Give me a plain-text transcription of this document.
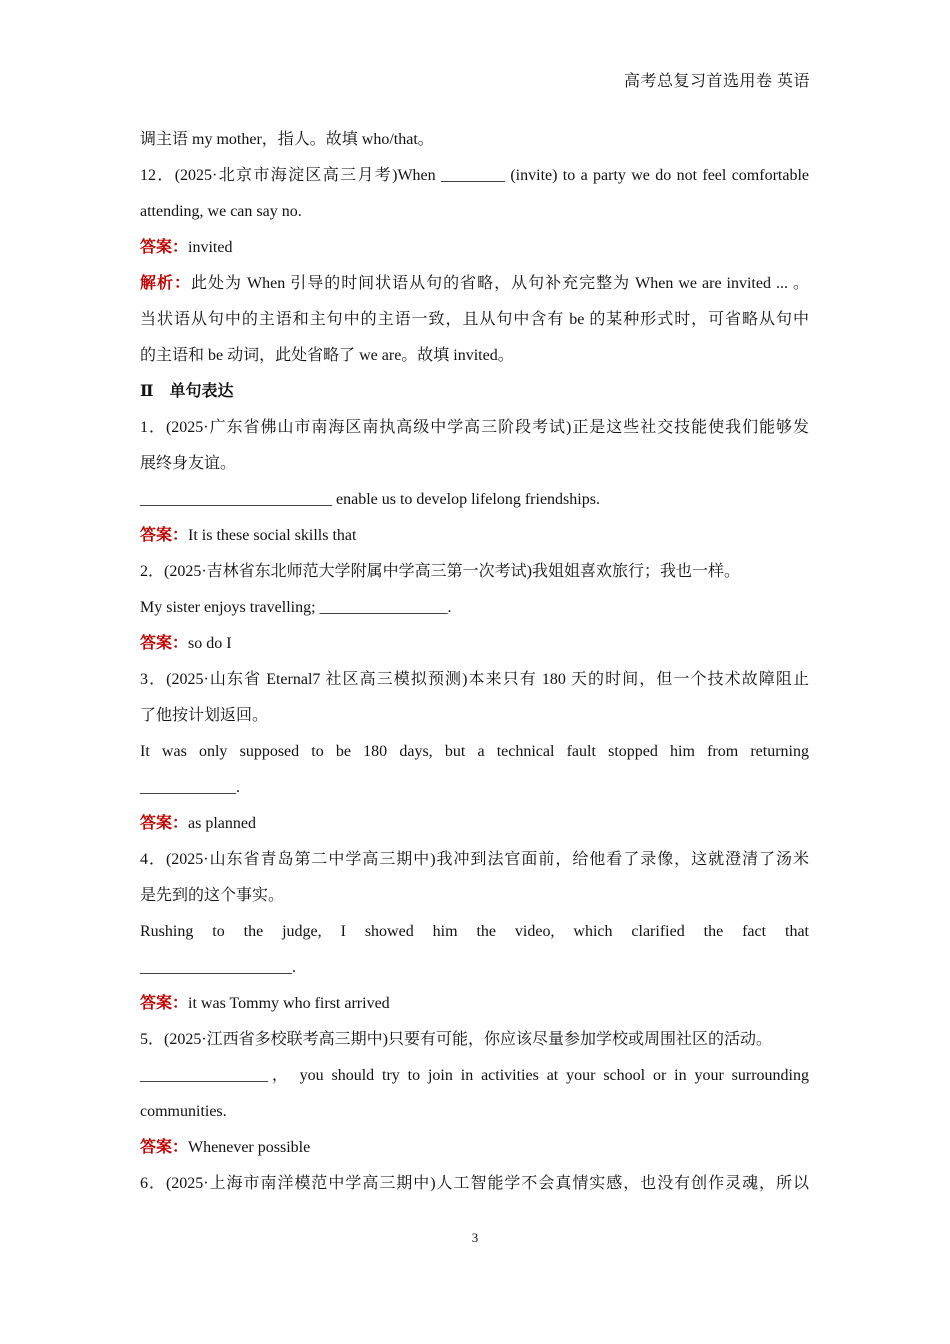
高考总复习首选用卷 英语

调主语 my mother，指人。故填 who/that。

12．(2025·北京市海淀区高三月考)When ________ (invite) to a party we do not feel comfortable

attending, we can say no.

答案：invited

解析：此处为 When 引导的时间状语从句的省略，从句补充完整为 When we are invited ... 。

当状语从句中的主语和主句中的主语一致，且从句中含有 be 的某种形式时，可省略从句中

的主语和 be 动词，此处省略了 we are。故填 invited。

Ⅱ　单句表达

1．(2025·广东省佛山市南海区南执高级中学高三阶段考试)正是这些社交技能使我们能够发

展终身友谊。

________________________ enable us to develop lifelong friendships.

答案：It is these social skills that

2．(2025·吉林省东北师范大学附属中学高三第一次考试)我姐姐喜欢旅行；我也一样。

My sister enjoys travelling; ________________.

答案：so do I

3．(2025·山东省 Eternal7 社区高三模拟预测)本来只有 180 天的时间，但一个技术故障阻止

了他按计划返回。

It was only supposed to be 180 days, but a technical fault stopped him from returning

____________.

答案：as planned

4．(2025·山东省青岛第二中学高三期中)我冲到法官面前，给他看了录像，这就澄清了汤米

是先到的这个事实。

Rushing to the judge, I showed him the video, which clarified the fact that

___________________.

答案：it was Tommy who first arrived

5．(2025·江西省多校联考高三期中)只要有可能，你应该尽量参加学校或周围社区的活动。

________________， you should try to join in activities at your school or in your surrounding

communities.

答案：Whenever possible

6．(2025·上海市南洋模范中学高三期中)人工智能学不会真情实感，也没有创作灵魂，所以

3
